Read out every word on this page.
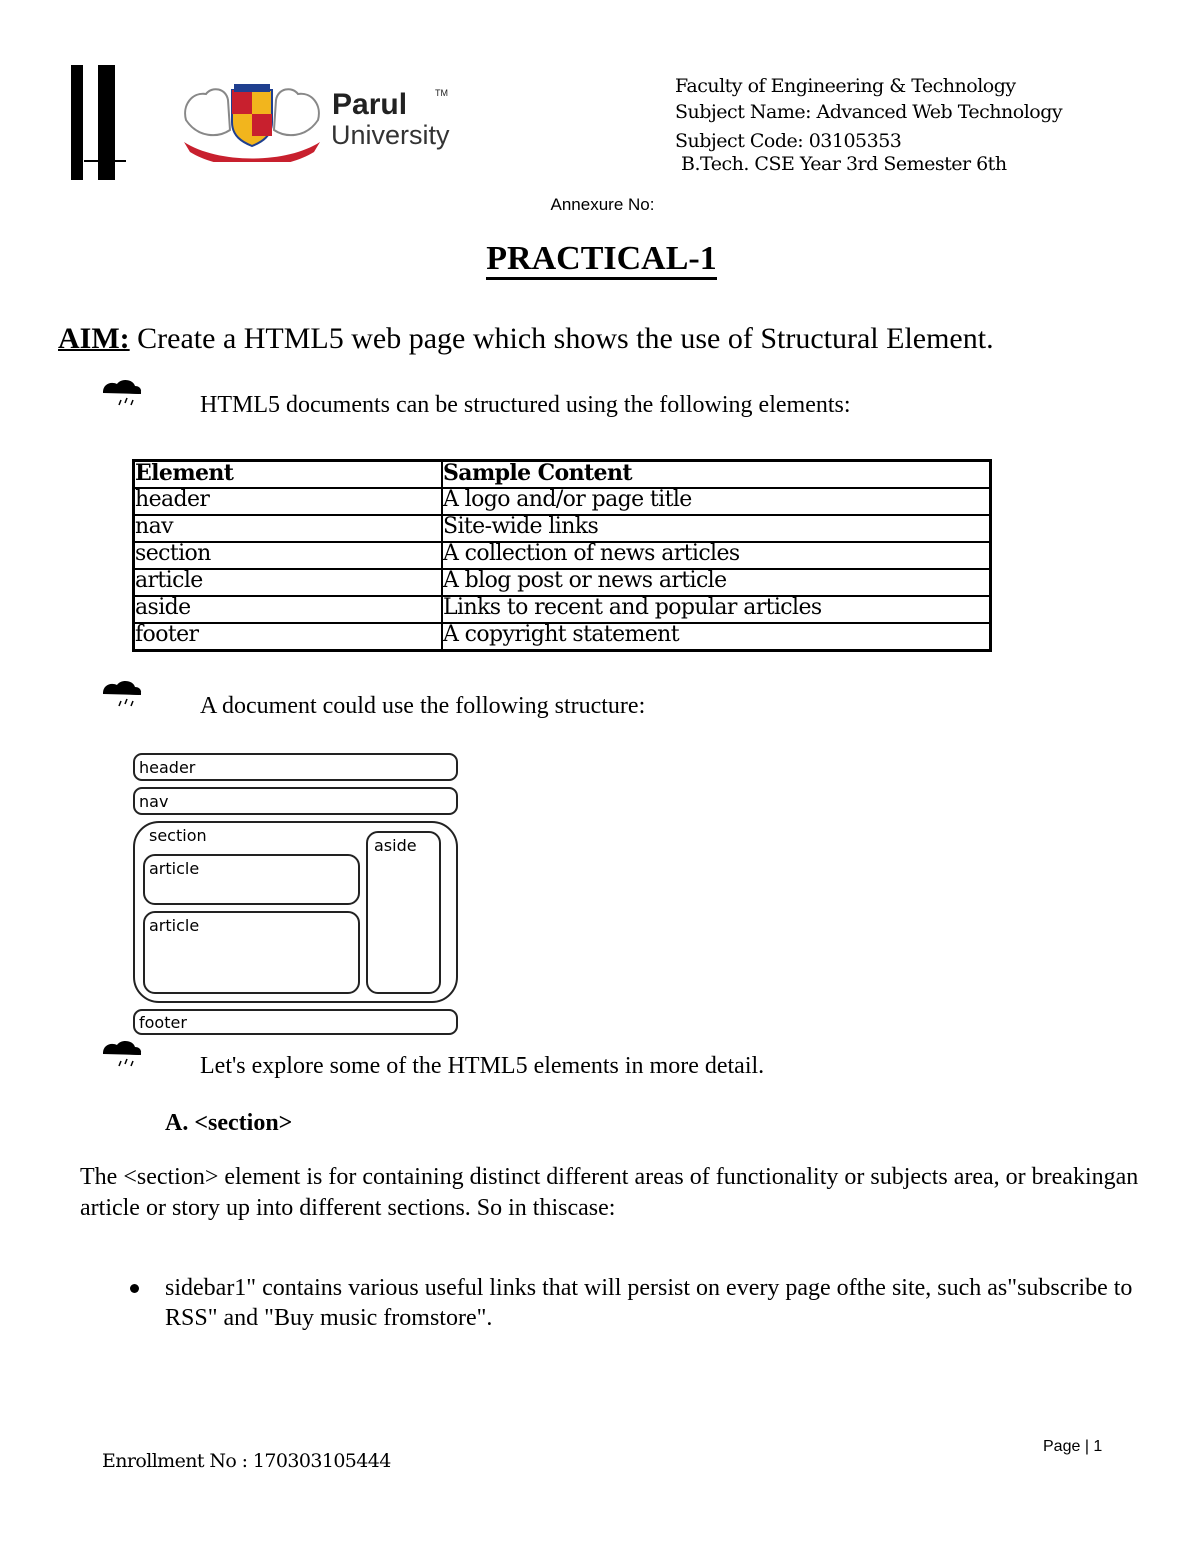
Parul	TM
University
Faculty of Engineering & Technology
Subject Name: Advanced Web Technology
Subject Code: 03105353
B.Tech. CSE Year 3rd Semester 6th
Annexure No:
PRACTICAL-1
AIM: Create a HTML5 web page which shows the use of Structural Element.
HTML5 documents can be structured using the following elements:
Element	Sample Content
header	A logo and/or page title
nav	Site-wide links
section	A collection of news articles
article	A blog post or news article
aside	Links to recent and popular articles
footer	A copyright statement
A document could use the following structure:
header
nav
section
article
article
aside
footer
Let's explore some of the HTML5 elements in more detail.
A. <section>
The <section> element is for containing distinct different areas of functionality or subjects area, or breakingan article or story up into different sections. So in thiscase:
sidebar1" contains various useful links that will persist on every page ofthe site, such as"subscribe to RSS" and "Buy music fromstore".
Page | 1
Enrollment No : 170303105444
